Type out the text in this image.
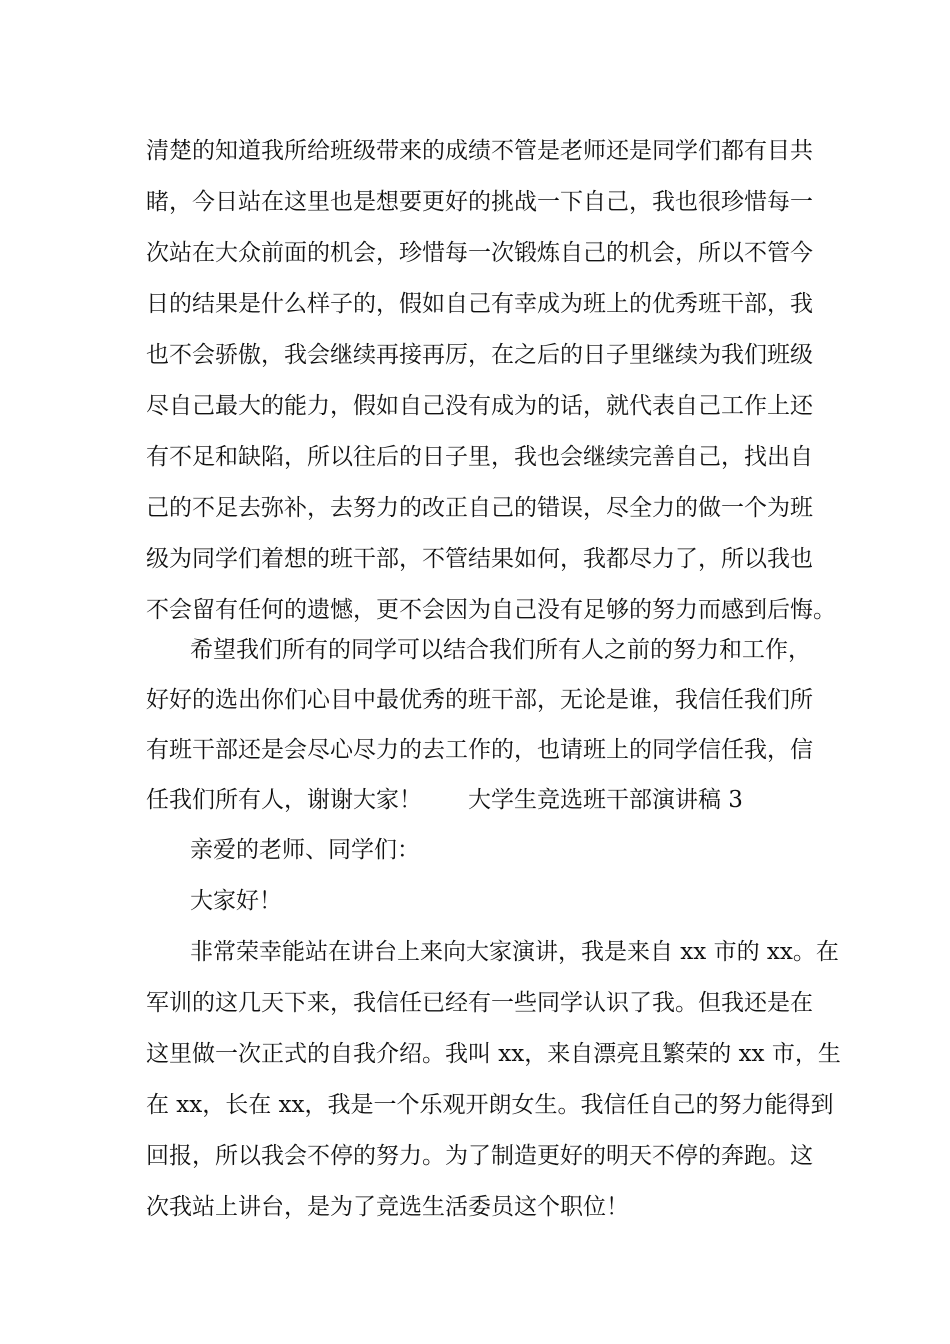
清楚的知道我所给班级带来的成绩不管是老师还是同学们都有目共
睹，今日站在这里也是想要更好的挑战一下自己，我也很珍惜每一
次站在大众前面的机会，珍惜每一次锻炼自己的机会，所以不管今
日的结果是什么样子的，假如自己有幸成为班上的优秀班干部，我
也不会骄傲，我会继续再接再厉，在之后的日子里继续为我们班级
尽自己最大的能力，假如自己没有成为的话，就代表自己工作上还
有不足和缺陷，所以往后的日子里，我也会继续完善自己，找出自
己的不足去弥补，去努力的改正自己的错误，尽全力的做一个为班
级为同学们着想的班干部，不管结果如何，我都尽力了，所以我也
不会留有任何的遗憾，更不会因为自己没有足够的努力而感到后悔。
希望我们所有的同学可以结合我们所有人之前的努力和工作，
好好的选出你们心目中最优秀的班干部，无论是谁，我信任我们所
有班干部还是会尽心尽力的去工作的，也请班上的同学信任我，信
任我们所有人，谢谢大家！ 大学生竞选班干部演讲稿 3
亲爱的老师、同学们：
大家好！
非常荣幸能站在讲台上来向大家演讲，我是来自 xx 市的 xx。在
军训的这几天下来，我信任已经有一些同学认识了我。但我还是在
这里做一次正式的自我介绍。我叫 xx，来自漂亮且繁荣的 xx 市，生
在 xx，长在 xx，我是一个乐观开朗女生。我信任自己的努力能得到
回报，所以我会不停的努力。为了制造更好的明天不停的奔跑。这
次我站上讲台，是为了竞选生活委员这个职位！
